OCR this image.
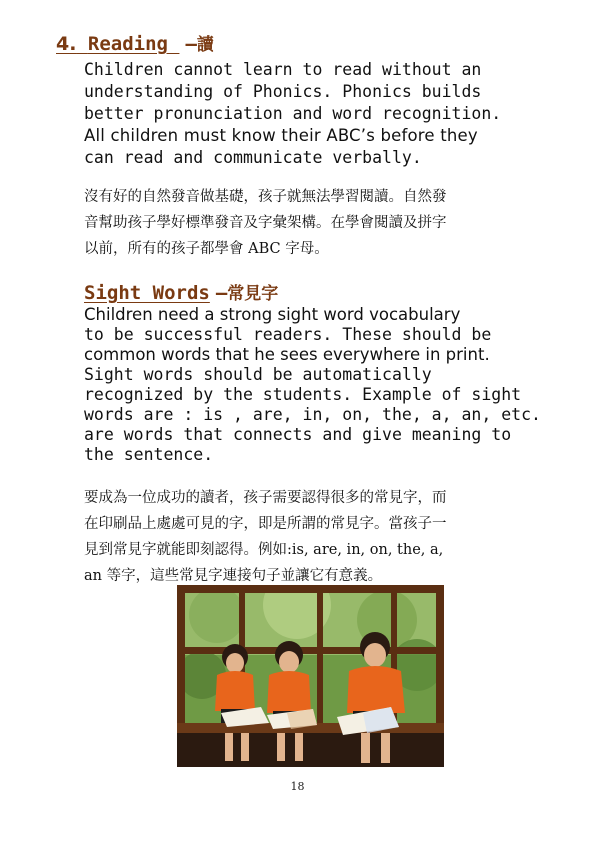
4. Reading –讀

Children cannot learn to read without an
understanding of Phonics. Phonics builds
better pronunciation and word recognition.
All children must know their ABC’s before they
can read and communicate verbally.

沒有好的自然發音做基礎，孩子就無法學習閱讀。自然發
音幫助孩子學好標準發音及字彙架構。在學會閱讀及拼字
以前，所有的孩子都學會 ABC 字母。

Sight Words –常見字

Children need a strong sight word vocabulary
to be successful readers. These should be
common words that he sees everywhere in print.
Sight words should be automatically
recognized by the students. Example of sight
words are : is , are, in, on, the, a, an, etc.
are words that connects and give meaning to
the sentence.

要成為一位成功的讀者，孩子需要認得很多的常見字，而
在印刷品上處處可見的字，即是所謂的常見字。當孩子一
見到常見字就能即刻認得。例如:is, are, in, on, the, a,
an 等字，這些常見字連接句子並讓它有意義。

18
